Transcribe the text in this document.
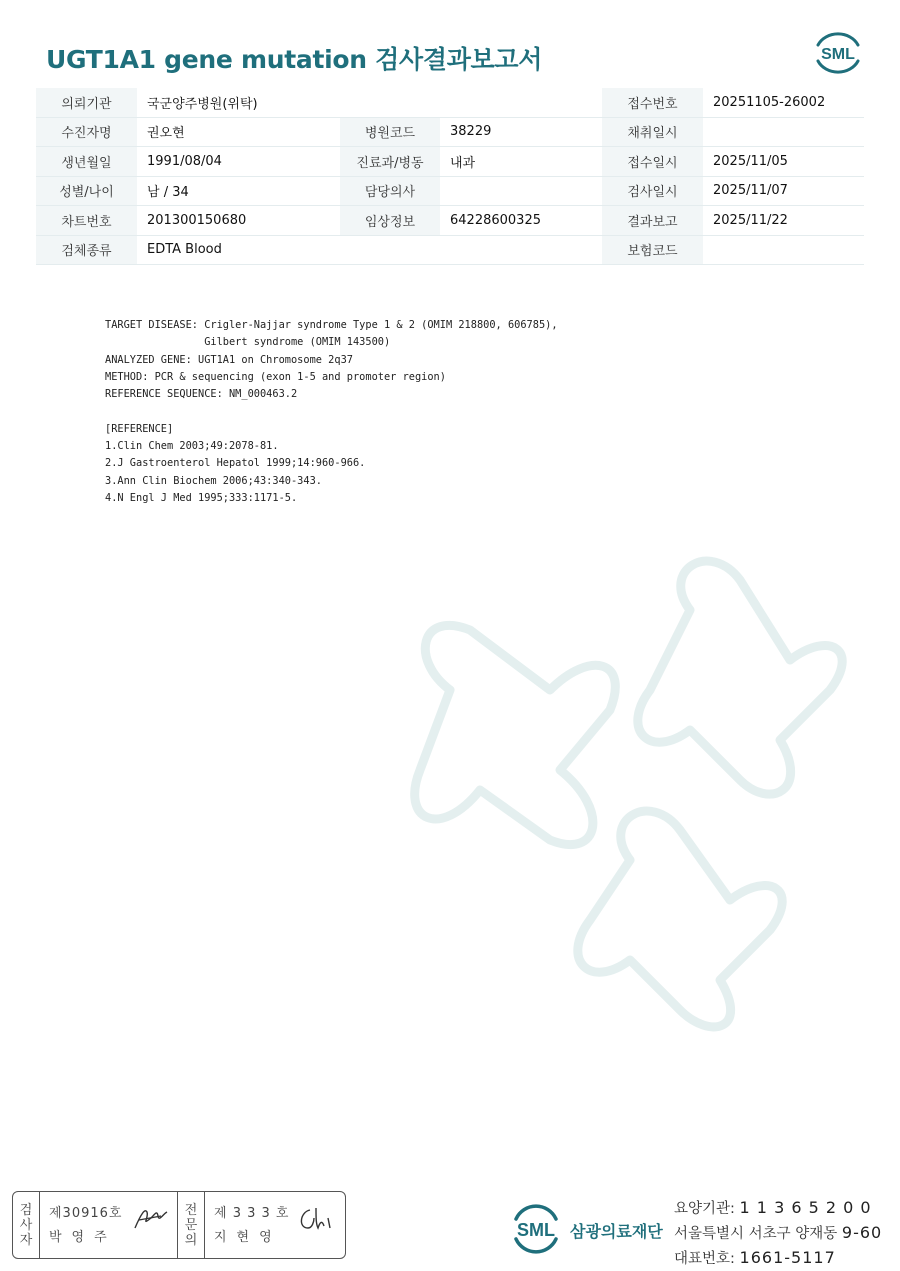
UGT1A1 gene mutation 검사결과보고서	SML
의뢰기관	국군양주병원(위탁)			접수번호	20251105-26002
수진자명	권오현	병원코드	38229	채취일시	
생년월일	1991/08/04	진료과/병동	내과	접수일시	2025/11/05
성별/나이	남 / 34	담당의사		검사일시	2025/11/07
차트번호	201300150680	임상정보	64228600325	결과보고	2025/11/22
검체종류	EDTA Blood			보험코드	
TARGET DISEASE: Crigler-Najjar syndrome Type 1 & 2 (OMIM 218800, 606785),
Gilbert syndrome (OMIM 143500)
ANALYZED GENE: UGT1A1 on Chromosome 2q37
METHOD: PCR & sequencing (exon 1-5 and promoter region)
REFERENCE SEQUENCE: NM_000463.2

[REFERENCE]
1.Clin Chem 2003;49:2078-81.
2.J Gastroenterol Hepatol 1999;14:960-966.
3.Ann Clin Biochem 2006;43:340-343.
4.N Engl J Med 1995;333:1171-5.
검
사
자
제30916호
박영주
전
문
의
제 3 3 3 호
지현영	SML 삼광의료재단
요양기관: 1 1 3 6 5 2 0 0
서울특별시 서초구 양재동 9-60
대표번호: 1661-5117
